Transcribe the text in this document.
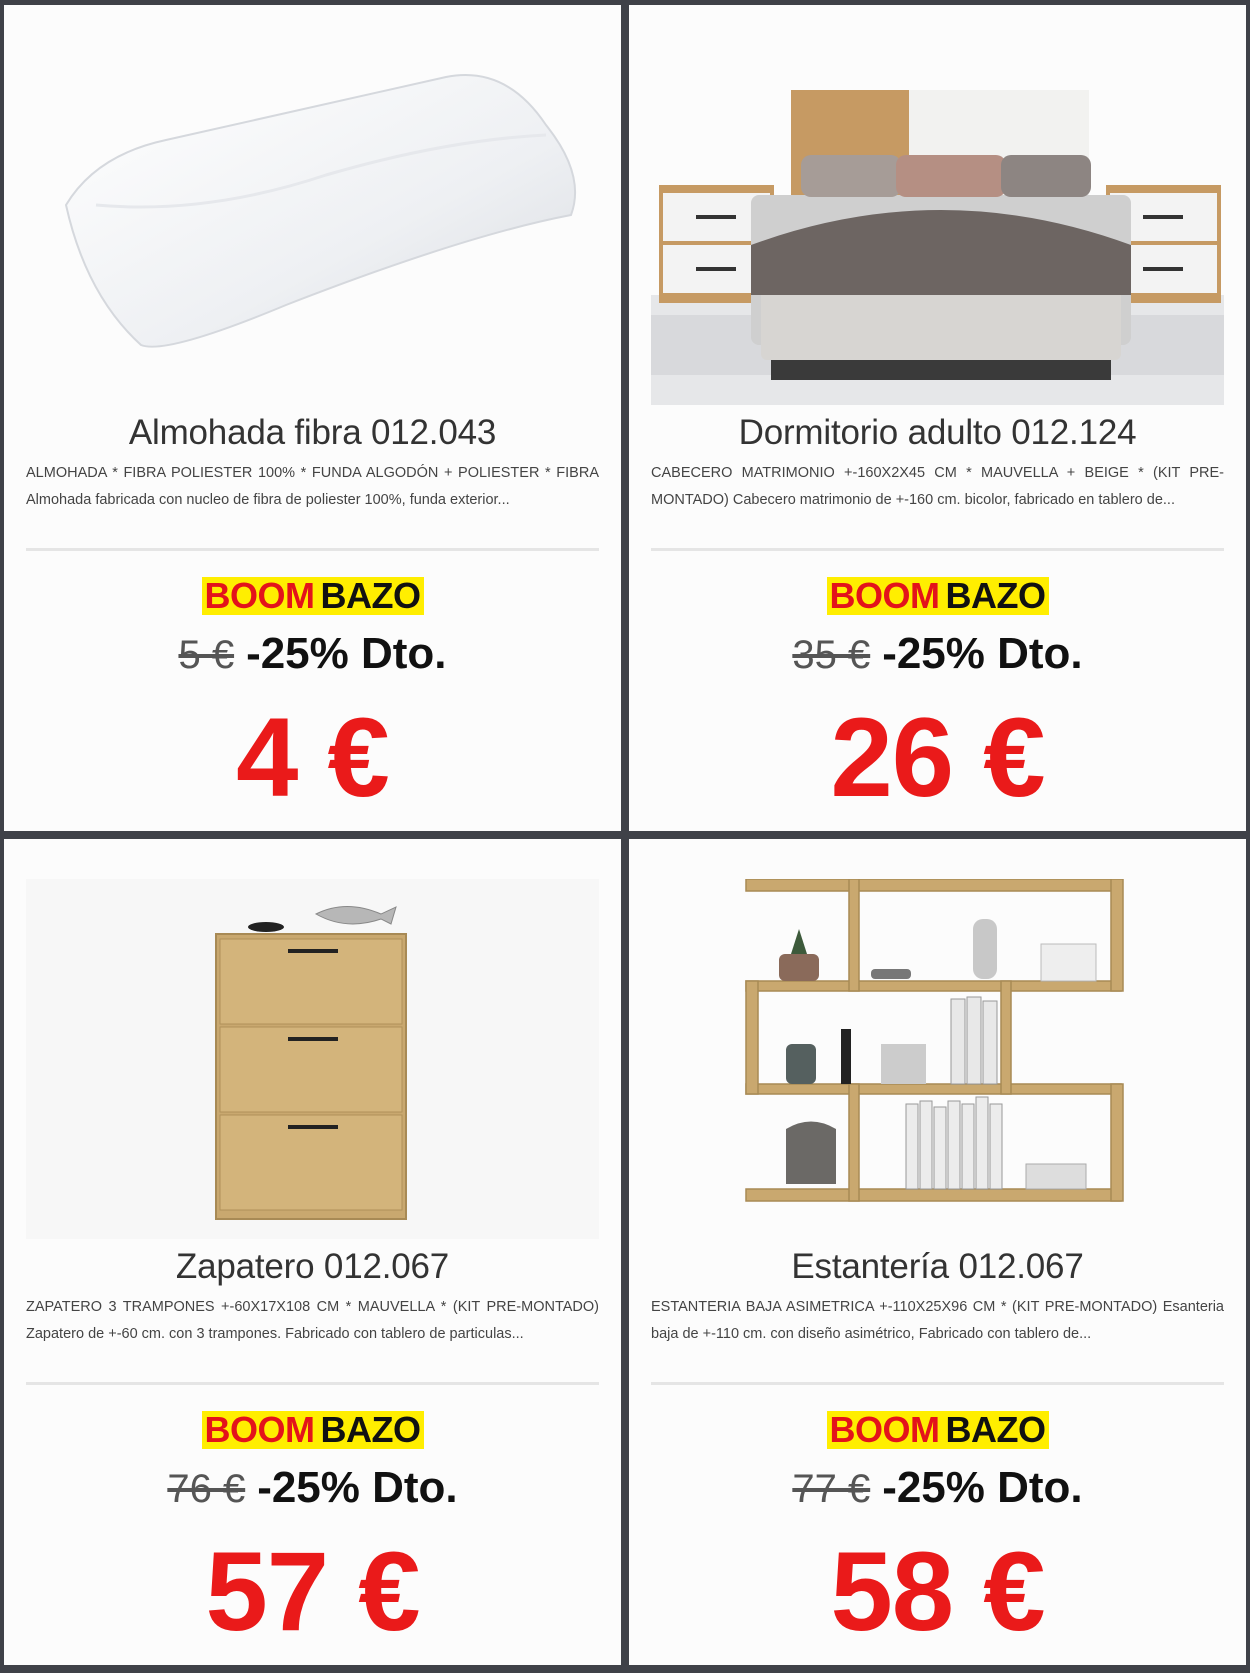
Almohada fibra 012.043
ALMOHADA * FIBRA POLIESTER 100% * FUNDA ALGODÓN + POLIESTER * FIBRA Almohada fabricada con nucleo de fibra de poliester 100%, funda exterior...
BOOM BAZO
5 € -25% Dto.
4 €
Dormitorio adulto 012.124
CABECERO MATRIMONIO +-160X2X45 CM * MAUVELLA + BEIGE * (KIT PRE-MONTADO) Cabecero matrimonio de +-160 cm. bicolor, fabricado en tablero de...
BOOM BAZO
35 € -25% Dto.
26 €
Zapatero 012.067
ZAPATERO 3 TRAMPONES +-60X17X108 CM * MAUVELLA * (KIT PRE-MONTADO) Zapatero de +-60 cm. con 3 trampones. Fabricado con tablero de particulas...
BOOM BAZO
76 € -25% Dto.
57 €
Estantería 012.067
ESTANTERIA BAJA ASIMETRICA +-110X25X96 CM * (KIT PRE-MONTADO) Esanteria baja de +-110 cm. con diseño asimétrico, Fabricado con tablero de...
BOOM BAZO
77 € -25% Dto.
58 €
